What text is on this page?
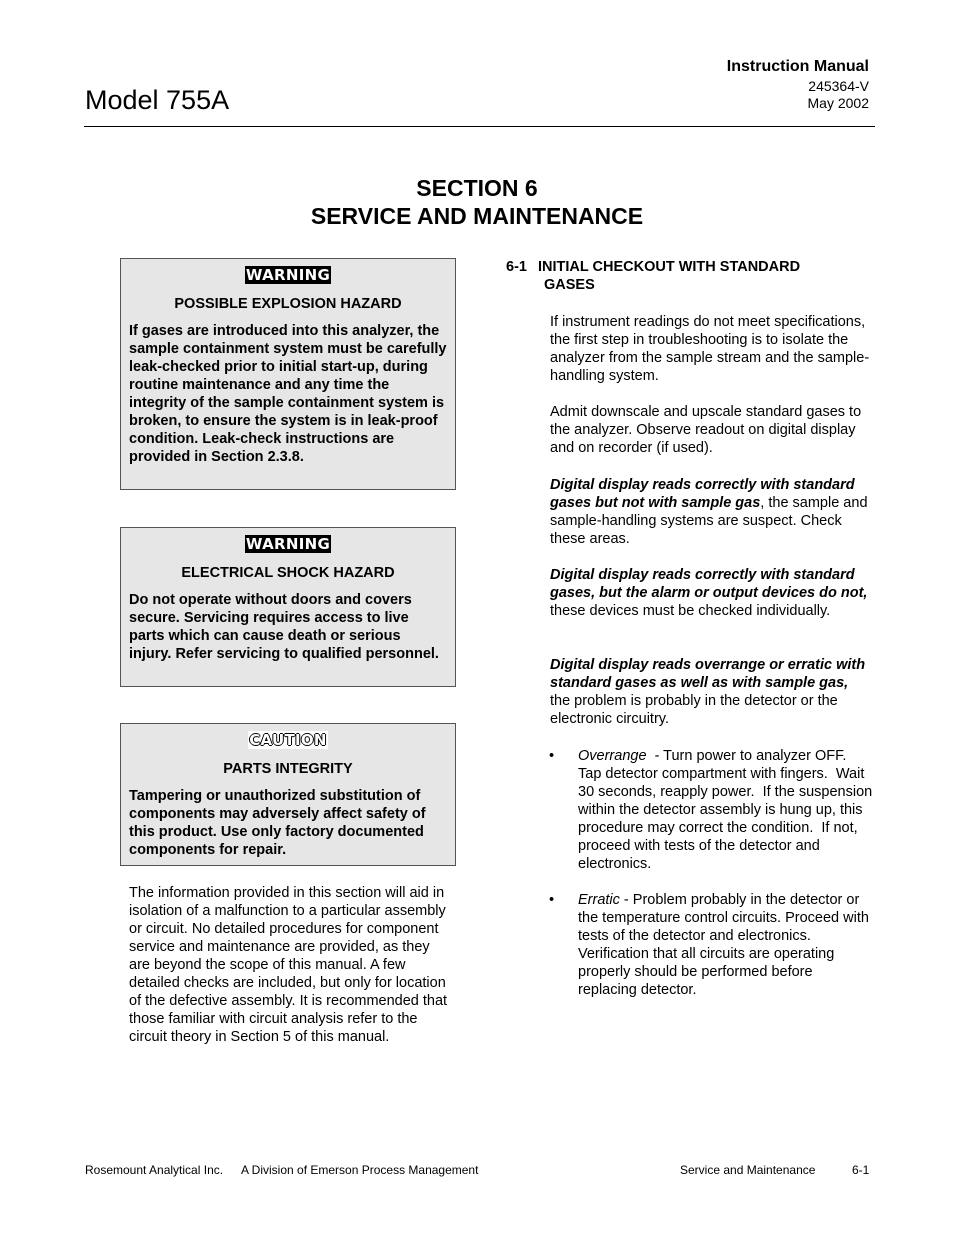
Model 755A
Instruction Manual
245364-V
May 2002
SECTION 6
SERVICE AND MAINTENANCE
WARNING
POSSIBLE EXPLOSION HAZARD
If gases are introduced into this analyzer, the sample containment system must be carefully leak-checked prior to initial start-up, during routine maintenance and any time the integrity of the sample containment system is broken, to ensure the system is in leak-proof condition. Leak-check instructions are provided in Section 2.3.8.
WARNING
ELECTRICAL SHOCK HAZARD
Do not operate without doors and covers secure. Servicing requires access to live parts which can cause death or serious injury. Refer servicing to qualified personnel.
CAUTION
PARTS INTEGRITY
Tampering or unauthorized substitution of components may adversely affect safety of this product. Use only factory documented components for repair.
The information provided in this section will aid in isolation of a malfunction to a particular assembly or circuit. No detailed procedures for component service and maintenance are provided, as they are beyond the scope of this manual. A few detailed checks are included, but only for location of the defective assembly. It is recommended that those familiar with circuit analysis refer to the circuit theory in Section 5 of this manual.
6-1 INITIAL CHECKOUT WITH STANDARD
GASES
If instrument readings do not meet specifications, the first step in troubleshooting is to isolate the analyzer from the sample stream and the sample-handling system.
Admit downscale and upscale standard gases to the analyzer. Observe readout on digital display and on recorder (if used).
Digital display reads correctly with standard gases but not with sample gas, the sample and sample-handling systems are suspect. Check these areas.
Digital display reads correctly with standard gases, but the alarm or output devices do not, these devices must be checked individually.
Digital display reads overrange or erratic with standard gases as well as with sample gas, the problem is probably in the detector or the electronic circuitry.
• Overrange  - Turn power to analyzer OFF.  Tap detector compartment with fingers.  Wait 30 seconds, reapply power.  If the suspension within the detector assembly is hung up, this procedure may correct the condition.  If not, proceed with tests of the detector and electronics.
• Erratic - Problem probably in the detector or the temperature control circuits. Proceed with tests of the detector and electronics. Verification that all circuits are operating properly should be performed before replacing detector.
Rosemount Analytical Inc. A Division of Emerson Process Management	Service and Maintenance	6-1
